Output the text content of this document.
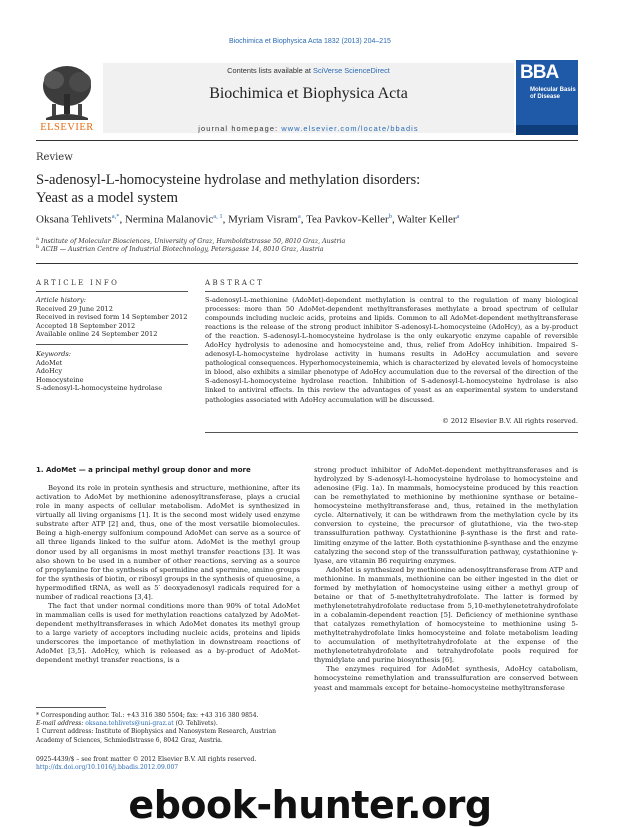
Biochimica et Biophysica Acta 1832 (2013) 204–215
Contents lists available at SciVerse ScienceDirect
Biochimica et Biophysica Acta
journal homepage: www.elsevier.com/locate/bbadis
ELSEVIER
BBA
Molecular Basis of Disease
Review
S-adenosyl-L-homocysteine hydrolase and methylation disorders:
Yeast as a model system
Oksana Tehlivets$^{a,*}$, Nermina Malanovic$^{a, 1}$, Myriam Visram$^a$, Tea Pavkov-Keller$^b$, Walter Keller$^a$
$^a$ Institute of Molecular Biosciences, University of Graz, Humboldtstrasse 50, 8010 Graz, Austria
$^b$ ACIB — Austrian Centre of Industrial Biotechnology, Petersgasse 14, 8010 Graz, Austria
ARTICLE INFO	ABSTRACT
Article history:
Received 29 June 2012
Received in revised form 14 September 2012
Accepted 18 September 2012
Available online 24 September 2012
Keywords:
AdoMet
AdoHcy
Homocysteine
S-adenosyl-L-homocysteine hydrolase
S-adenosyl-L-methionine (AdoMet)-dependent methylation is central to the regulation of many biological processes: more than 50 AdoMet-dependent methyltransferases methylate a broad spectrum of cellular compounds including nucleic acids, proteins and lipids. Common to all AdoMet-dependent methyltransferase reactions is the release of the strong product inhibitor S-adenosyl-L-homocysteine (AdoHcy), as a by-product of the reaction. S-adenosyl-L-homocysteine hydrolase is the only eukaryotic enzyme capable of reversible AdoHcy hydrolysis to adenosine and homocysteine and, thus, relief from AdoHcy inhibition. Impaired S-adenosyl-L-homocysteine hydrolase activity in humans results in AdoHcy accumulation and severe pathological consequences. Hyperhomocysteinemia, which is characterized by elevated levels of homocysteine in blood, also exhibits a similar phenotype of AdoHcy accumulation due to the reversal of the direction of the S-adenosyl-L-homocysteine hydrolase reaction. Inhibition of S-adenosyl-L-homocysteine hydrolase is also linked to antiviral effects. In this review the advantages of yeast as an experimental system to understand pathologies associated with AdoHcy accumulation will be discussed.
© 2012 Elsevier B.V. All rights reserved.
1. AdoMet — a principal methyl group donor and more

Beyond its role in protein synthesis and structure, methionine, after its activation to AdoMet by methionine adenosyltransferase, plays a crucial role in many aspects of cellular metabolism. AdoMet is synthesized in virtually all living organisms [1]. It is the second most widely used enzyme substrate after ATP [2] and, thus, one of the most versatile biomolecules. Being a high-energy sulfonium compound AdoMet can serve as a source of all three ligands linked to the sulfur atom. AdoMet is the methyl group donor used by all organisms in most methyl transfer reactions [3]. It was also shown to be used in a number of other reactions, serving as a source of propylamine for the synthesis of spermidine and spermine, amino groups for the synthesis of biotin, or ribosyl groups in the synthesis of queuosine, a hypermodified tRNA, as well as 5′ deoxyadenosyl radicals required for a number of radical reactions [3,4].

The fact that under normal conditions more than 90% of total AdoMet in mammalian cells is used for methylation reactions catalyzed by AdoMet-dependent methyltransferases in which AdoMet donates its methyl group to a large variety of acceptors including nucleic acids, proteins and lipids underscores the importance of methylation in downstream reactions of AdoMet [3,5]. AdoHcy, which is released as a by-product of AdoMet-dependent methyl transfer reactions, is a

strong product inhibitor of AdoMet-dependent methyltransferases and is hydrolyzed by S-adenosyl-L-homocysteine hydrolase to homocysteine and adenosine (Fig. 1a). In mammals, homocysteine produced by this reaction can be remethylated to methionine by methionine synthase or betaine–homocysteine methyltransferase and, thus, retained in the methylation cycle. Alternatively, it can be withdrawn from the methylation cycle by its conversion to cysteine, the precursor of glutathione, via the two-step transsulfuration pathway. Cystathionine β-synthase is the first and rate-limiting enzyme of the latter. Both cystathionine β-synthase and the enzyme catalyzing the second step of the transsulfuration pathway, cystathionine γ-lyase, are vitamin B6 requiring enzymes.

AdoMet is synthesized by methionine adenosyltransferase from ATP and methionine. In mammals, methionine can be either ingested in the diet or formed by methylation of homocysteine using either a methyl group of betaine or that of 5-methyltetrahydrofolate. The latter is formed by methylenetetrahydrofolate reductase from 5,10-methylenetetrahydrofolate in a cobalamin-dependent reaction [5]. Deficiency of methionine synthase that catalyzes remethylation of homocysteine to methionine using 5-methyltetrahydrofolate links homocysteine and folate metabolism leading to accumulation of methyltetrahydrofolate at the expense of the methylenetetrahydrofolate and tetrahydrofolate pools required for thymidylate and purine biosynthesis [6].

The enzymes required for AdoMet synthesis, AdoHcy catabolism, homocysteine remethylation and transsulfuration are conserved between yeast and mammals except for betaine–homocysteine methyltransferase

* Corresponding author. Tel.: +43 316 380 5504; fax: +43 316 380 9854.
E-mail address: oksana.tehlivets@uni-graz.at (O. Tehlivets).
1 Current address: Institute of Biophysics and Nanosystem Research, Austrian Academy of Sciences, Schmiedlstrasse 6, 8042 Graz, Austria.
0925-4439/$ – see front matter © 2012 Elsevier B.V. All rights reserved.
http://dx.doi.org/10.1016/j.bbadis.2012.09.007
ebook-hunter.org
